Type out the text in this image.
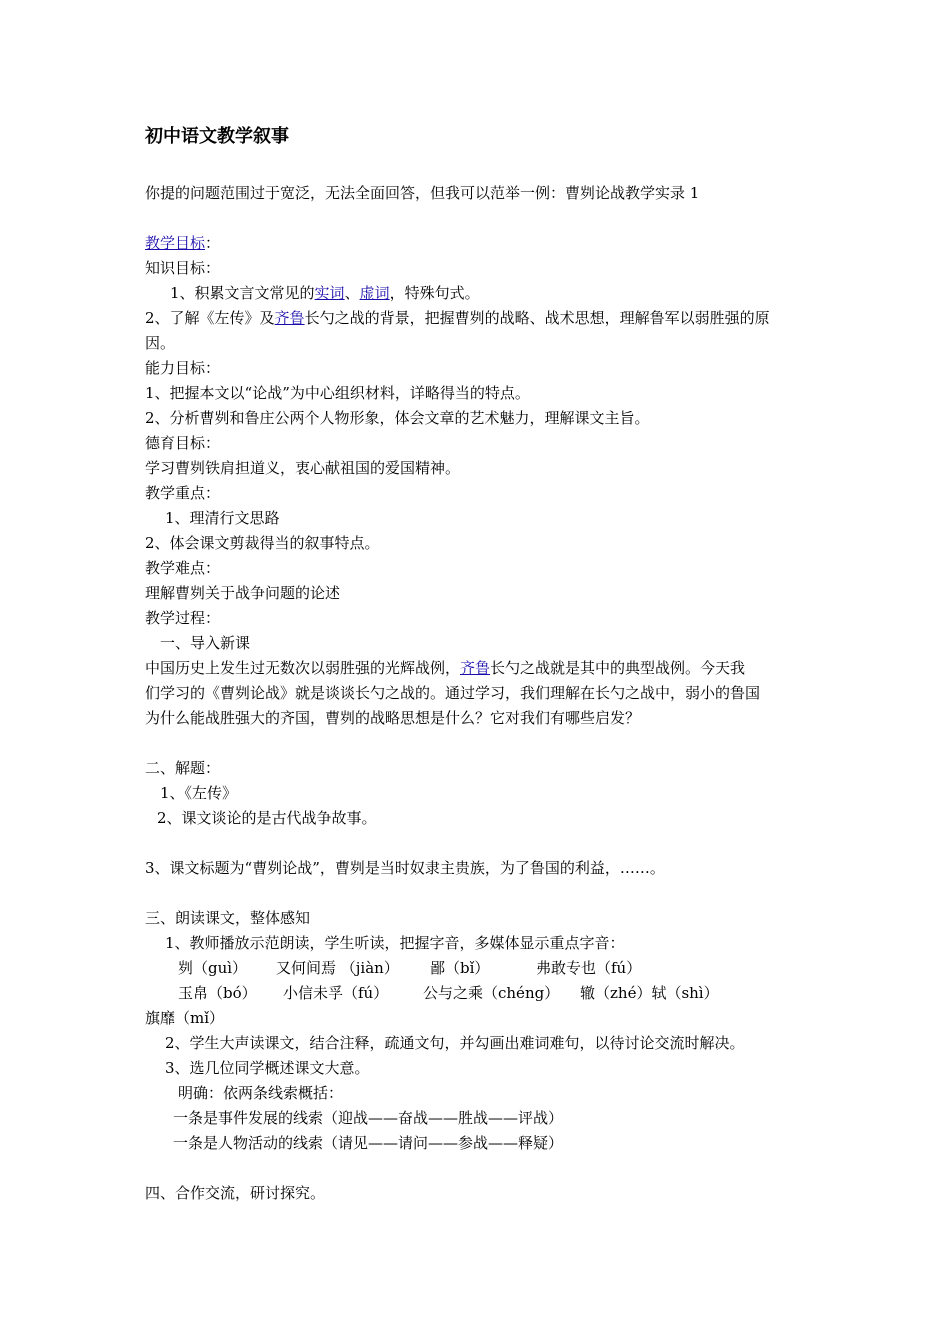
初中语文教学叙事

你提的问题范围过于宽泛，无法全面回答，但我可以范举一例：曹刿论战教学实录 1

教学目标：

知识目标：

1、积累文言文常见的实词、虚词，特殊句式。

2、了解《左传》及齐鲁长勺之战的背景，把握曹刿的战略、战术思想，理解鲁军以弱胜强的原

因。

能力目标：

1、把握本文以“论战”为中心组织材料，详略得当的特点。

2、分析曹刿和鲁庄公两个人物形象，体会文章的艺术魅力，理解课文主旨。

德育目标：

学习曹刿铁肩担道义，衷心献祖国的爱国精神。

教学重点：

1、理清行文思路

2、体会课文剪裁得当的叙事特点。

教学难点：

理解曹刿关于战争问题的论述

教学过程：

一、导入新课

中国历史上发生过无数次以弱胜强的光辉战例，齐鲁长勺之战就是其中的典型战例。今天我

们学习的《曹刿论战》就是谈谈长勺之战的。通过学习，我们理解在长勺之战中，弱小的鲁国

为什么能战胜强大的齐国，曹刿的战略思想是什么？它对我们有哪些启发？

二、解题：

1、《左传》

2、课文谈论的是古代战争故事。

3、课文标题为“曹刿论战”，曹刿是当时奴隶主贵族，为了鲁国的利益，……。

三、朗读课文，整体感知

1、教师播放示范朗读，学生听读，把握字音，多媒体显示重点字音：

刿（guì） 又何间焉 （jiàn） 鄙（bǐ）	弗敢专也（fú）

玉帛（bó） 小信未孚（fú） 公与之乘（chéng） 辙（zhé）轼（shì）

旗靡（mǐ）

2、学生大声读课文，结合注释，疏通文句，并勾画出难词难句，以待讨论交流时解决。

3、选几位同学概述课文大意。

明确：依两条线索概括：

一条是事件发展的线索（迎战——奋战——胜战——评战）

一条是人物活动的线索（请见——请问——参战——释疑）

四、合作交流，研讨探究。
